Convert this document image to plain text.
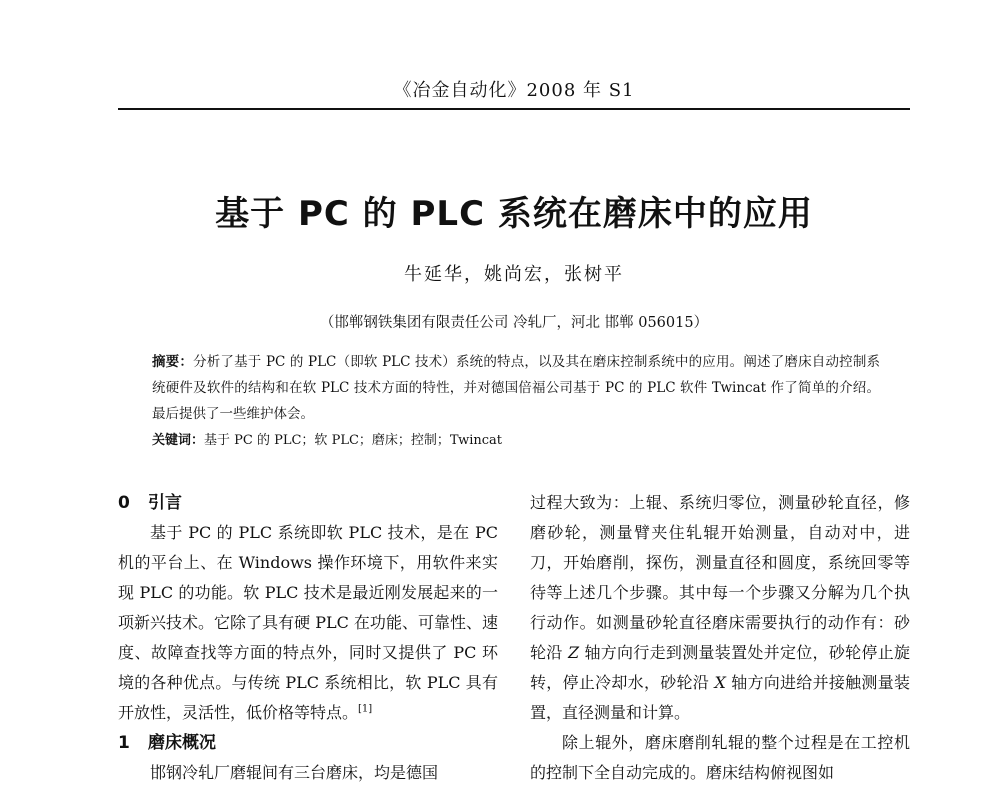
《冶金自动化》2008 年 S1
基于 PC 的 PLC 系统在磨床中的应用
牛延华，姚尚宏，张树平
（邯郸钢铁集团有限责任公司 冷轧厂，河北 邯郸 056015）
摘要：分析了基于 PC 的 PLC（即软 PLC 技术）系统的特点，以及其在磨床控制系统中的应用。阐述了磨床自动控制系统硬件及软件的结构和在软 PLC 技术方面的特性，并对德国倍福公司基于 PC 的 PLC 软件 Twincat 作了简单的介绍。最后提供了一些维护体会。
关键词：基于 PC 的 PLC；软 PLC；磨床；控制；Twincat
0 引言

基于 PC 的 PLC 系统即软 PLC 技术，是在 PC 机的平台上、在 Windows 操作环境下，用软件来实现 PLC 的功能。软 PLC 技术是最近刚发展起来的一项新兴技术。它除了具有硬 PLC 在功能、可靠性、速度、故障查找等方面的特点外，同时又提供了 PC 环境的各种优点。与传统 PLC 系统相比，软 PLC 具有开放性，灵活性，低价格等特点。[1]

1 磨床概况

邯钢冷轧厂磨辊间有三台磨床，均是德国

过程大致为：上辊、系统归零位，测量砂轮直径，修磨砂轮，测量臂夹住轧辊开始测量，自动对中，进刀，开始磨削，探伤，测量直径和圆度，系统回零等待等上述几个步骤。其中每一个步骤又分解为几个执行动作。如测量砂轮直径磨床需要执行的动作有：砂轮沿 Z 轴方向行走到测量装置处并定位，砂轮停止旋转，停止冷却水，砂轮沿 X 轴方向进给并接触测量装置，直径测量和计算。

除上辊外，磨床磨削轧辊的整个过程是在工控机的控制下全自动完成的。磨床结构俯视图如
